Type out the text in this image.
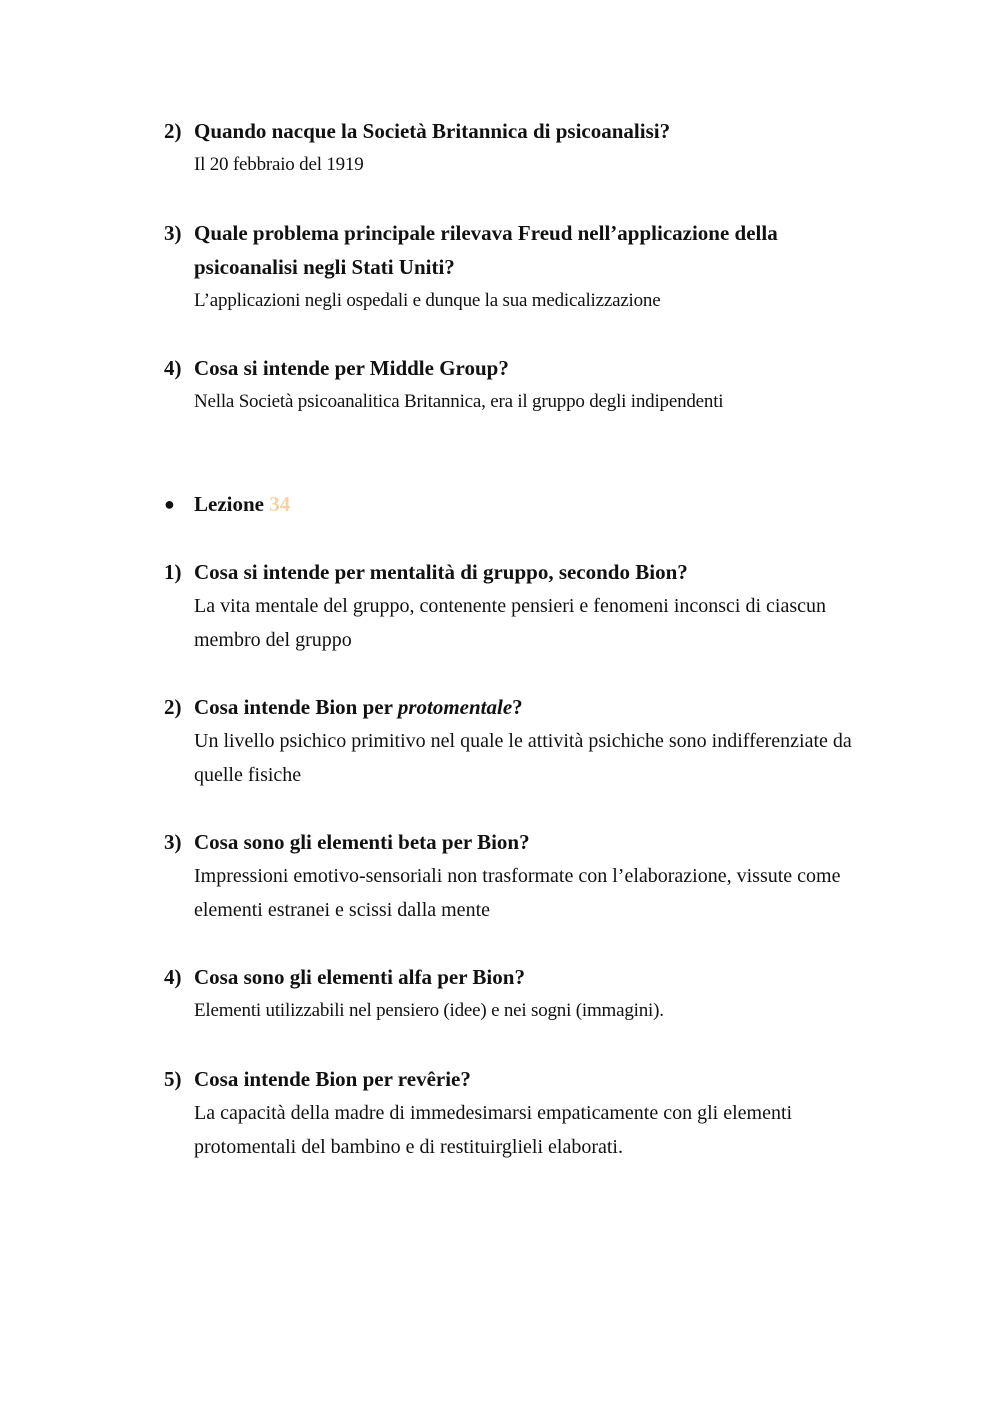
2) Quando nacque la Società Britannica di psicoanalisi?
Il 20 febbraio del 1919
3) Quale problema principale rilevava Freud nell’applicazione della psicoanalisi negli Stati Uniti?
L’applicazioni negli ospedali e dunque la sua medicalizzazione
4) Cosa si intende per Middle Group?
Nella Società psicoanalitica Britannica, era il gruppo degli indipendenti
● Lezione
34
1) Cosa si intende per mentalità di gruppo, secondo Bion?
La vita mentale del gruppo, contenente pensieri e fenomeni inconsci di ciascun membro del gruppo
2) Cosa intende Bion per protomentale?
Un livello psichico primitivo nel quale le attività psichiche sono indifferenziate da quelle fisiche
3) Cosa sono gli elementi beta per Bion?
Impressioni emotivo-sensoriali non trasformate con l’elaborazione, vissute come elementi estranei e scissi dalla mente
4) Cosa sono gli elementi alfa per Bion?
Elementi utilizzabili nel pensiero (idee) e nei sogni (immagini).
5) Cosa intende Bion per revêrie?
La capacità della madre di immedesimarsi empaticamente con gli elementi protomentali del bambino e di restituirglieli elaborati.
